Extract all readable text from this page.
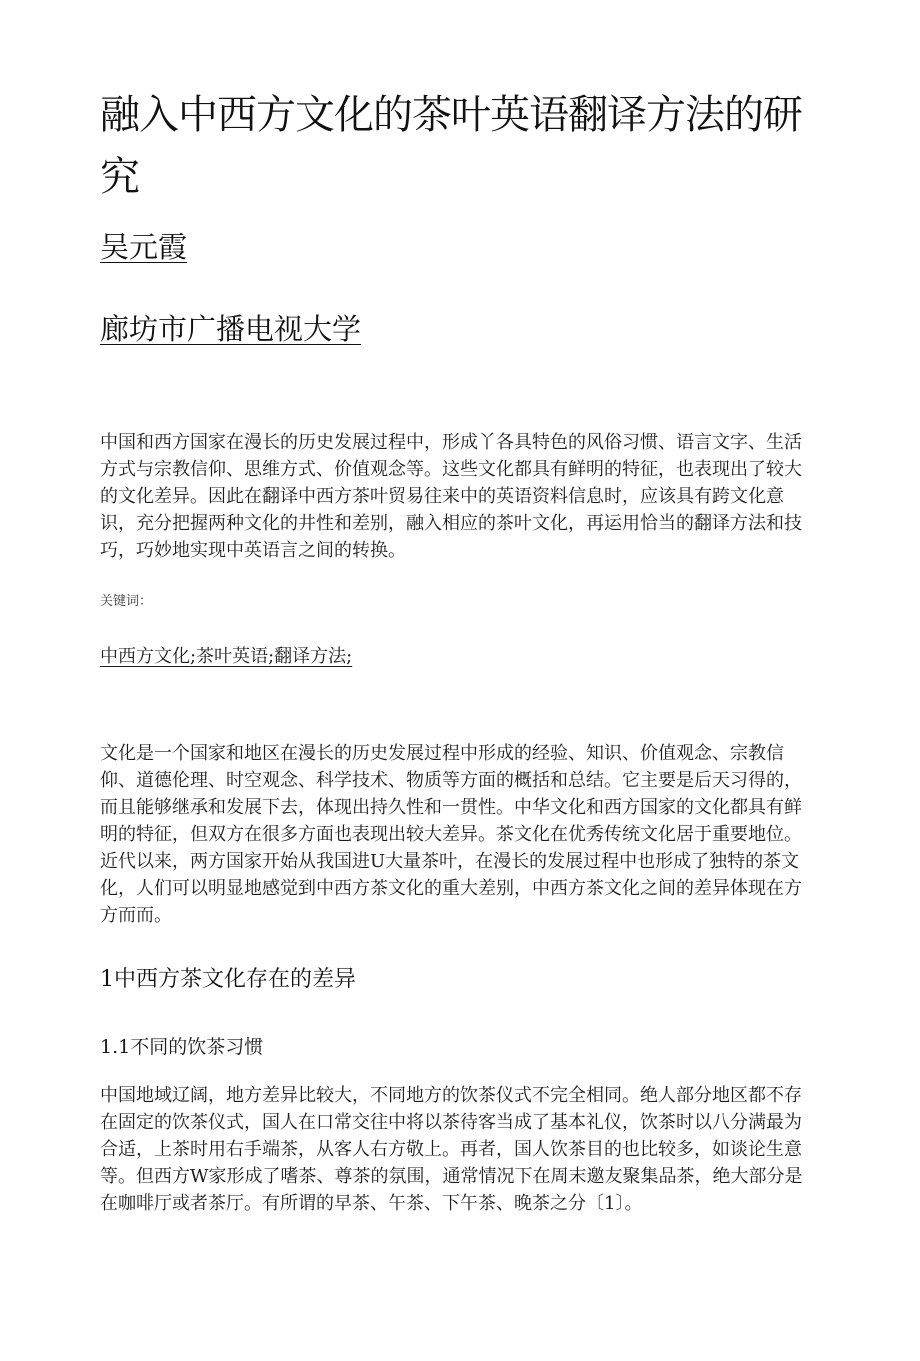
融入中西方文化的茶叶英语翻译方法的研究

吴元霞

廊坊市广播电视大学

中国和西方国家在漫长的历史发展过程中，形成丫各具特色的风俗习惯、语言文字、生活方式与宗教信仰、思维方式、价值观念等。这些文化都具有鲜明的特征，也表现出了较大的文化差异。因此在翻译中西方茶叶贸易往来中的英语资料信息时，应该具有跨文化意识，充分把握两种文化的井性和差别，融入相应的茶叶文化，再运用恰当的翻译方法和技巧，巧妙地实现中英语言之间的转换。

关键词：

中西方文化;茶叶英语;翻译方法;

文化是一个国家和地区在漫长的历史发展过程中形成的经验、知识、价值观念、宗教信仰、道德伦理、时空观念、科学技术、物质等方面的概括和总结。它主要是后天习得的，而且能够继承和发展下去，体现出持久性和一贯性。中华文化和西方国家的文化都具有鲜明的特征，但双方在很多方面也表现出较大差异。茶文化在优秀传统文化居于重要地位。近代以来，两方国家开始从我国进U大量茶叶，在漫长的发展过程中也形成了独特的茶文化，人们可以明显地感觉到中西方茶文化的重大差别，中西方茶文化之间的差异体现在方方而而。

1中西方茶文化存在的差异
1.1不同的饮茶习惯

中国地域辽阔，地方差异比较大，不同地方的饮茶仪式不完全相同。绝人部分地区都不存在固定的饮茶仪式，国人在口常交往中将以茶待客当成了基本礼仪，饮茶时以八分满最为合适，上茶时用右手端茶，从客人右方敬上。再者，国人饮茶目的也比较多，如谈论生意等。但西方W家形成了嗜茶、尊茶的氛围，通常情况下在周末邀友聚集品茶，绝大部分是在咖啡厅或者茶厅。有所谓的早茶、午茶、下午茶、晚茶之分〔1〕。
